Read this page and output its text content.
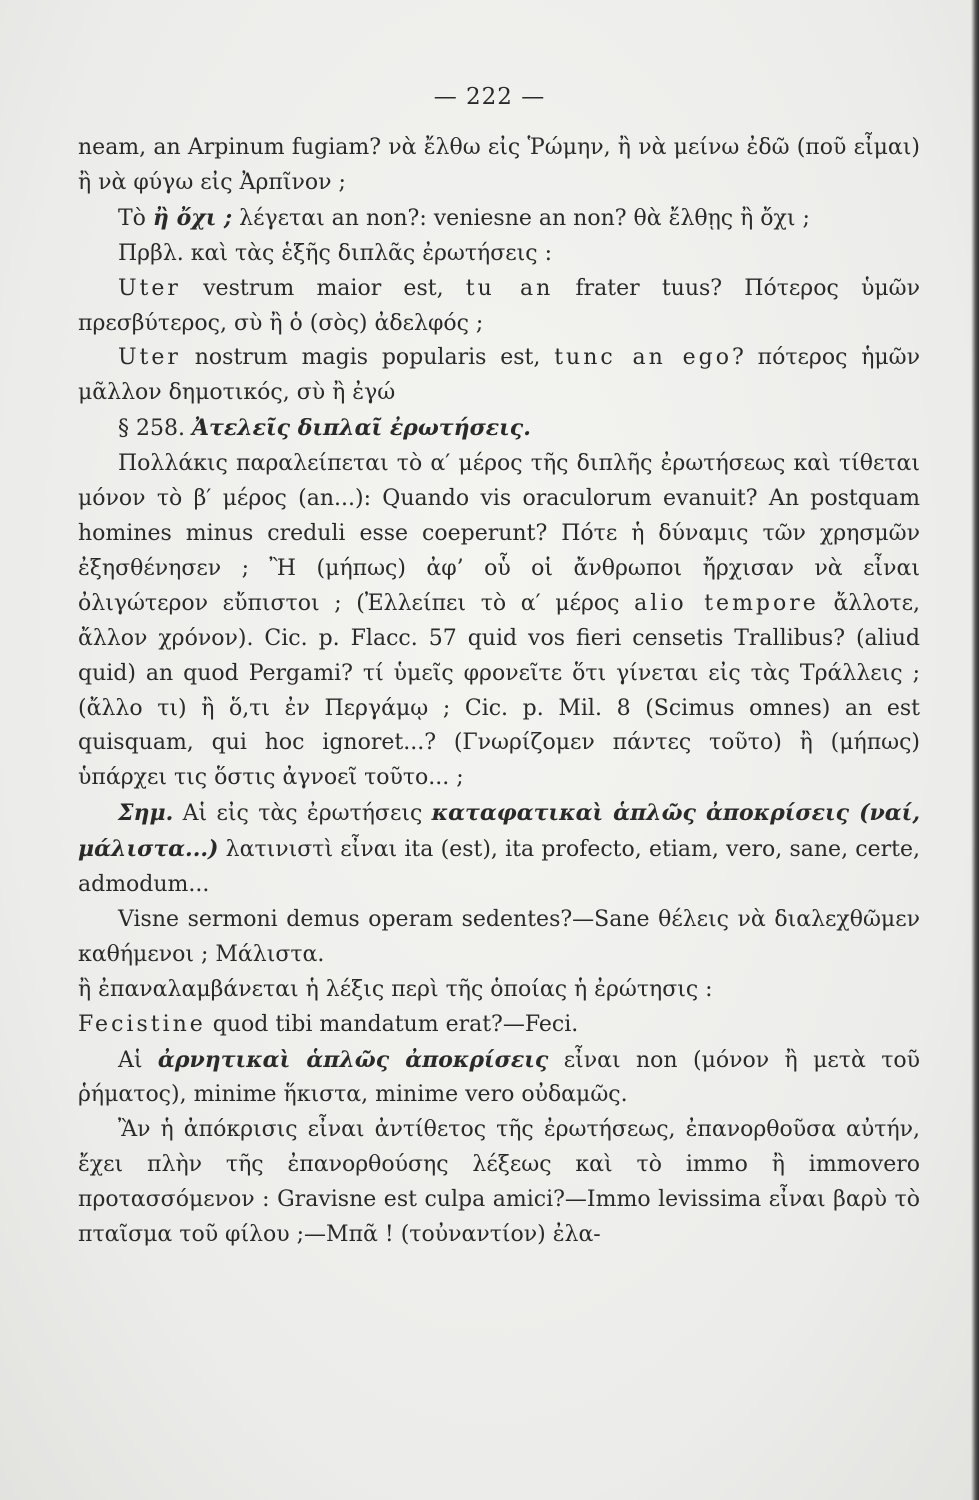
— 222 —

neam, an Arpinum fugiam? νὰ ἔλθω εἰς Ῥώμην, ἢ νὰ μείνω ἐδῶ (ποῦ εἶμαι) ἢ νὰ φύγω εἰς Ἀρπῖνον ;

Τὸ ἢ ὄχι ; λέγεται an non?: veniesne an non? θὰ ἔλθῃς ἢ ὄχι ;

Πρβλ. καὶ τὰς ἑξῆς διπλᾶς ἐρωτήσεις :

Uter vestrum maior est, tu an frater tuus? Πότερος ὑμῶν πρεσβύτερος, σὺ ἢ ὁ (σὸς) ἀδελφός ;

Uter nostrum magis popularis est, tunc an ego? πότερος ἡμῶν μᾶλλον δημοτικός, σὺ ἢ ἐγώ

§ 258. Ἀτελεῖς διπλαῖ ἐρωτήσεις.

Πολλάκις παραλείπεται τὸ α′ μέρος τῆς διπλῆς ἐρωτήσεως καὶ τίθεται μόνον τὸ β′ μέρος (an...): Quando vis oraculorum evanuit? An postquam homines minus creduli esse coeperunt? Πότε ἡ δύναμις τῶν χρησμῶν ἐξησθένησεν ; Ἢ (μήπως) ἀφ’ οὗ οἱ ἄνθρωποι ἤρχισαν νὰ εἶναι ὀλιγώτερον εὔπιστοι ; (Ἐλλείπει τὸ α′ μέρος alio tempore ἄλλοτε, ἄλλον χρόνον). Cic. p. Flacc. 57 quid vos fieri censetis Trallibus? (aliud quid) an quod Pergami? τί ὑμεῖς φρονεῖτε ὅτι γίνεται εἰς τὰς Τράλλεις ; (ἄλλο τι) ἢ ὅ,τι ἐν Περγάμῳ ; Cic. p. Mil. 8 (Scimus omnes) an est quisquam, qui hoc ignoret...? (Γνωρίζομεν πάντες τοῦτο) ἢ (μήπως) ὑπάρχει τις ὅστις ἀγνοεῖ τοῦτο... ;

Σημ. Αἱ εἰς τὰς ἐρωτήσεις καταφατικαὶ ἁπλῶς ἀποκρίσεις (ναί, μάλιστα...) λατινιστὶ εἶναι ita (est), ita profecto, etiam, vero, sane, certe, admodum...

Visne sermoni demus operam sedentes?—Sane θέλεις νὰ διαλεχθῶμεν καθήμενοι ; Μάλιστα.

ἢ ἐπαναλαμβάνεται ἡ λέξις περὶ τῆς ὁποίας ἡ ἐρώτησις :

Fecistine quod tibi mandatum erat?—Feci.

Αἱ ἀρνητικαὶ ἁπλῶς ἀποκρίσεις εἶναι non (μόνον ἢ μετὰ τοῦ ῥήματος), minime ἥκιστα, minime vero οὐδαμῶς.

Ἂν ἡ ἀπόκρισις εἶναι ἀντίθετος τῆς ἐρωτήσεως, ἐπανορθοῦσα αὐτήν, ἔχει πλὴν τῆς ἐπανορθούσης λέξεως καὶ τὸ immo ἢ immovero προτασσόμενον : Gravisne est culpa amici?—Immo levissima εἶναι βαρὺ τὸ πταῖσμα τοῦ φίλου ;—Μπᾶ ! (τοὐναντίον) ἐλα-
